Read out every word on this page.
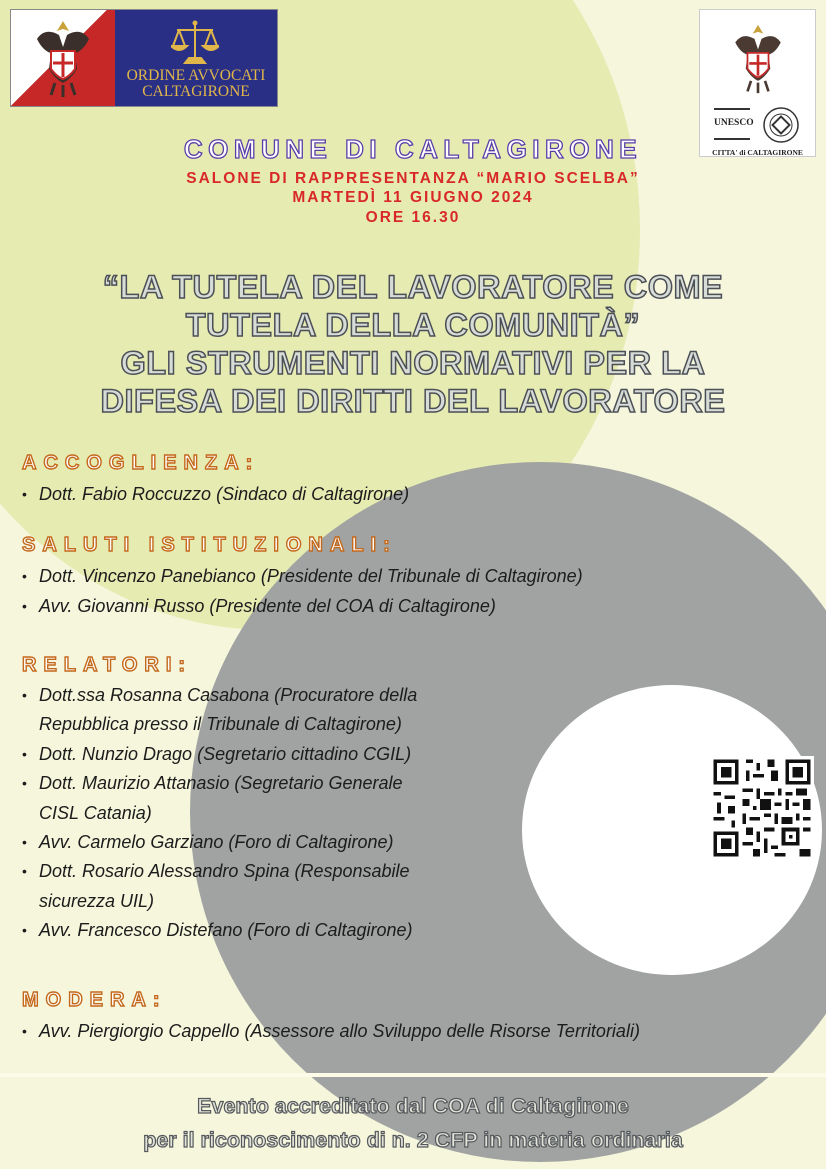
ORDINE AVVOCATI
CALTAGIRONE
UNESCO
CITTA' di CALTAGIRONE
COMUNE DI CALTAGIRONE
SALONE DI RAPPRESENTANZA “MARIO SCELBA”
MARTEDÌ 11 GIUGNO 2024
ORE 16.30
“LA TUTELA DEL LAVORATORE COME
TUTELA DELLA COMUNITÀ”
GLI STRUMENTI NORMATIVI PER LA
DIFESA DEI DIRITTI DEL LAVORATORE
ACCOGLIENZA:
• Dott. Fabio Roccuzzo (Sindaco di Caltagirone)
SALUTI ISTITUZIONALI:
• Dott. Vincenzo Panebianco (Presidente del Tribunale di Caltagirone)
• Avv. Giovanni Russo (Presidente del COA di Caltagirone)
RELATORI:
• Dott.ssa Rosanna Casabona (Procuratore della
Repubblica presso il Tribunale di Caltagirone)
• Dott. Nunzio Drago (Segretario cittadino CGIL)
• Dott. Maurizio Attanasio (Segretario Generale
CISL Catania)
• Avv. Carmelo Garziano (Foro di Caltagirone)
• Dott. Rosario Alessandro Spina (Responsabile
sicurezza UIL)
• Avv. Francesco Distefano (Foro di Caltagirone)
MODERA:
• Avv. Piergiorgio Cappello (Assessore allo Sviluppo delle Risorse Territoriali)
Evento accreditato dal COA di Caltagirone
per il riconoscimento di n. 2 CFP in materia ordinaria
